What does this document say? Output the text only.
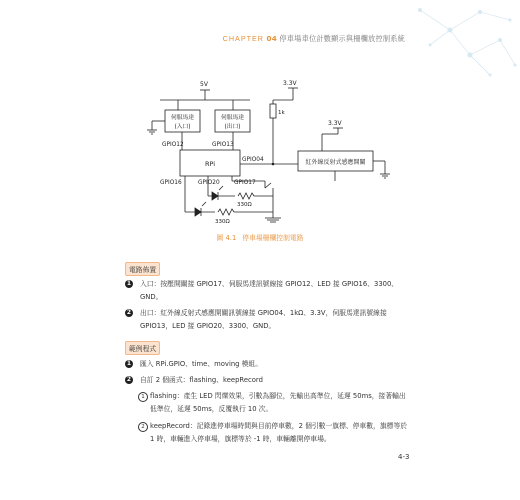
CHAPTER 04 停車場車位計數顯示與柵欄放控制系統
5V	3.3V
3.3V
1k
伺服馬達
(入口)
伺服馬達
(出口)
GPIO12	GPIO13
GPIO04
RPi	紅外線反射式感應開關
GPIO16	GPIO20 GPIO17
330Ω
330Ω
圖 4.1 停車場柵欄控制電路
電路佈置
1 入口：按壓開關接 GPIO17、伺服馬達訊號線接 GPIO12、LED 接 GPIO16、3300、GND。
2 出口：紅外線反射式感應開關訊號線接 GPIO04、1kΩ、3.3V，伺服馬達訊號線接 GPIO13，LED 接 GPIO20、3300、GND。
範例程式
1 匯入 RPi.GPIO、time、moving 模組。
2 自訂 2 個函式：flashing、keepRecord
1 flashing：產生 LED 閃爍效果，引數為腳位，先輸出高準位，延遲 50ms，接著輸出低準位，延遲 50ms，反覆執行 10 次。
2 keepRecord：記錄進停車場時間與目前停車數，2 個引數一旗標、停車數，旗標等於 1 時，車輛進入停車場，旗標等於 -1 時，車輛離開停車場。
4-3
